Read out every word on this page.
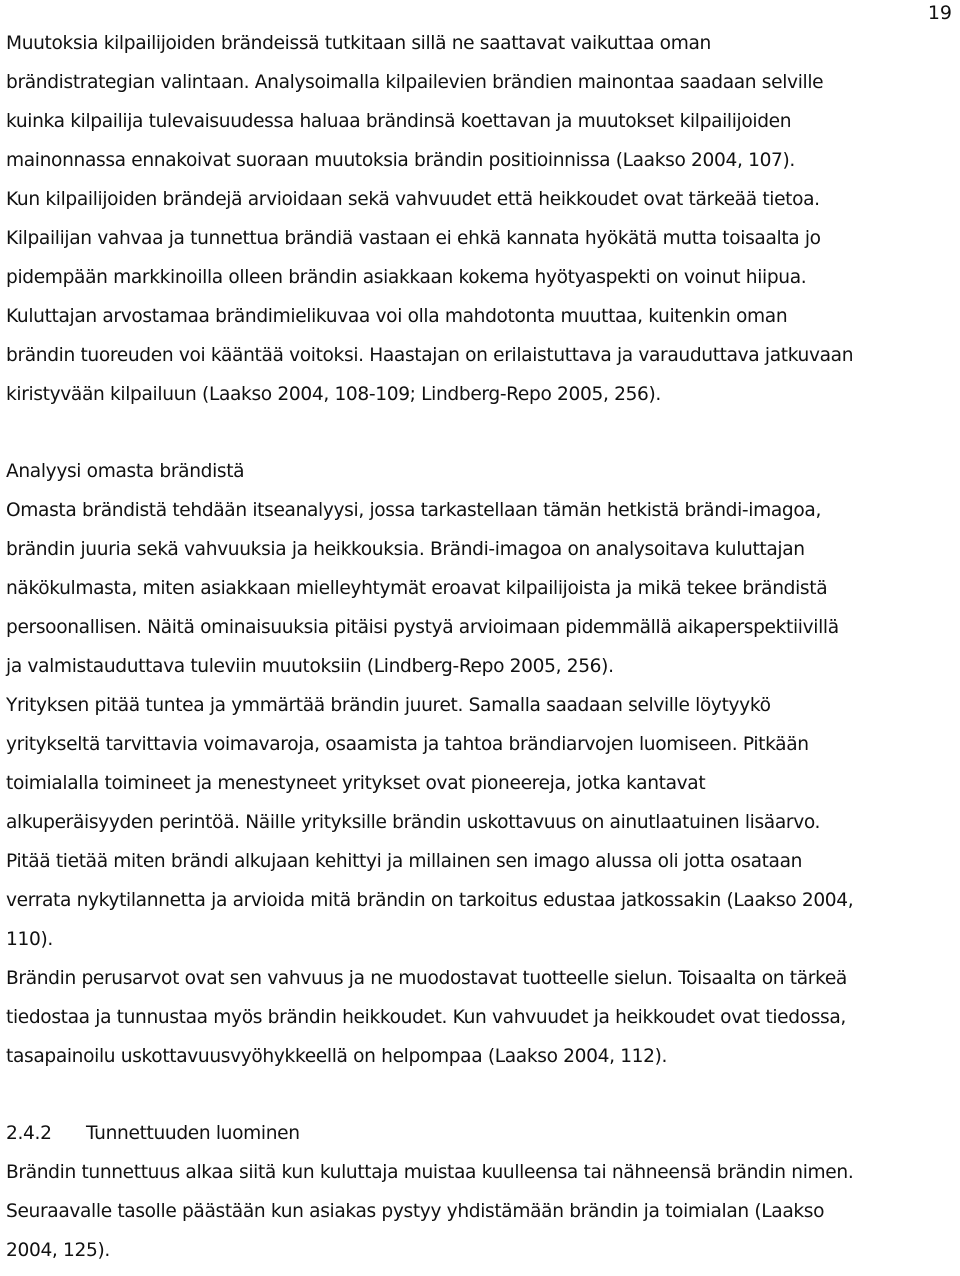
19
Muutoksia kilpailijoiden brändeissä tutkitaan sillä ne saattavat vaikuttaa oman
brändistrategian valintaan. Analysoimalla kilpailevien brändien mainontaa saadaan selville
kuinka kilpailija tulevaisuudessa haluaa brändinsä koettavan ja muutokset kilpailijoiden
mainonnassa ennakoivat suoraan muutoksia brändin positioinnissa (Laakso 2004, 107).
Kun kilpailijoiden brändejä arvioidaan sekä vahvuudet että heikkoudet ovat tärkeää tietoa.
Kilpailijan vahvaa ja tunnettua brändiä vastaan ei ehkä kannata hyökätä mutta toisaalta jo
pidempään markkinoilla olleen brändin asiakkaan kokema hyötyaspekti on voinut hiipua.
Kuluttajan arvostamaa brändimielikuvaa voi olla mahdotonta muuttaa, kuitenkin oman
brändin tuoreuden voi kääntää voitoksi. Haastajan on erilaistuttava ja varauduttava jatkuvaan
kiristyvään kilpailuun (Laakso 2004, 108-109; Lindberg-Repo 2005, 256).
Analyysi omasta brändistä
Omasta brändistä tehdään itseanalyysi, jossa tarkastellaan tämän hetkistä brändi-imagoa,
brändin juuria sekä vahvuuksia ja heikkouksia. Brändi-imagoa on analysoitava kuluttajan
näkökulmasta, miten asiakkaan mielleyhtymät eroavat kilpailijoista ja mikä tekee brändistä
persoonallisen. Näitä ominaisuuksia pitäisi pystyä arvioimaan pidemmällä aikaperspektiivillä
ja valmistauduttava tuleviin muutoksiin (Lindberg-Repo 2005, 256).
Yrityksen pitää tuntea ja ymmärtää brändin juuret. Samalla saadaan selville löytyykö
yritykseltä tarvittavia voimavaroja, osaamista ja tahtoa brändiarvojen luomiseen. Pitkään
toimialalla toimineet ja menestyneet yritykset ovat pioneereja, jotka kantavat
alkuperäisyyden perintöä. Näille yrityksille brändin uskottavuus on ainutlaatuinen lisäarvo.
Pitää tietää miten brändi alkujaan kehittyi ja millainen sen imago alussa oli jotta osataan
verrata nykytilannetta ja arvioida mitä brändin on tarkoitus edustaa jatkossakin (Laakso 2004,
110).
Brändin perusarvot ovat sen vahvuus ja ne muodostavat tuotteelle sielun. Toisaalta on tärkeä
tiedostaa ja tunnustaa myös brändin heikkoudet. Kun vahvuudet ja heikkoudet ovat tiedossa,
tasapainoilu uskottavuusvyöhykkeellä on helpompaa (Laakso 2004, 112).
2.4.2 Tunnettuuden luominen
Brändin tunnettuus alkaa siitä kun kuluttaja muistaa kuulleensa tai nähneensä brändin nimen.
Seuraavalle tasolle päästään kun asiakas pystyy yhdistämään brändin ja toimialan (Laakso
2004, 125).
